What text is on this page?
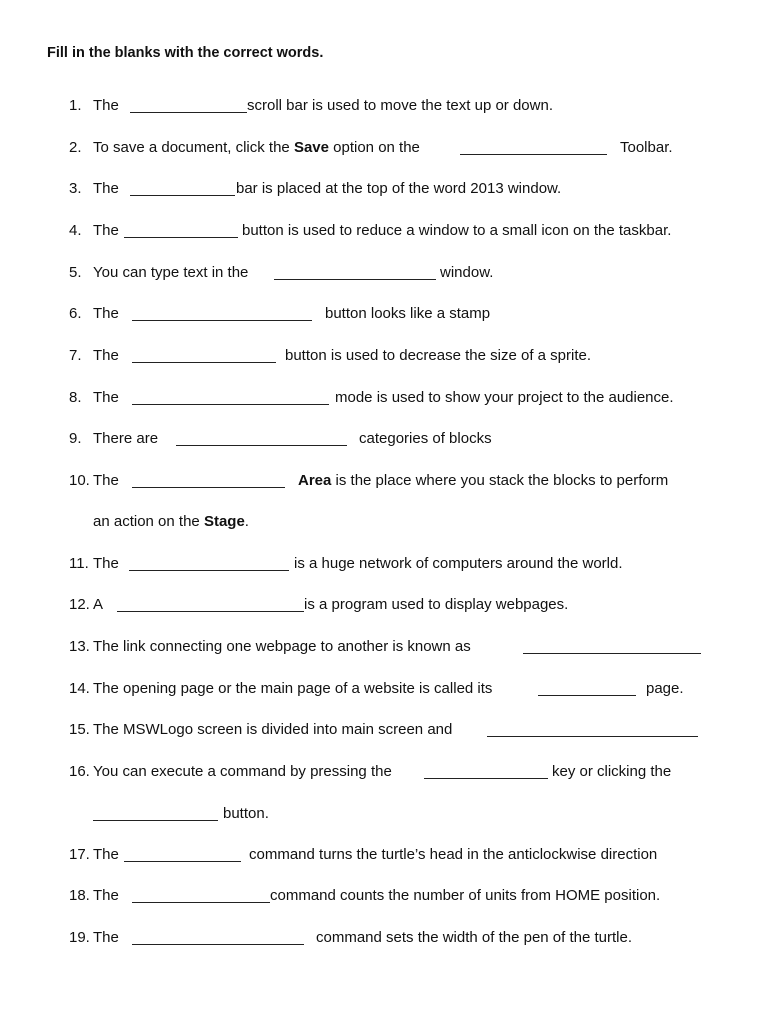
Fill in the blanks with the correct words.
1. The	scroll bar is used to move the text up or down.
2. To save a document, click the Save option on the	Toolbar.
3. The	bar is placed at the top of the word 2013 window.
4. The	button is used to reduce a window to a small icon on the taskbar.
5. You can type text in the	window.
6. The	button looks like a stamp
7. The	button is used to decrease the size of a sprite.
8. The	mode is used to show your project to the audience.
9. There are	categories of blocks
10. The	Area is the place where you stack the blocks to perform
an action on the Stage.
11. The	is a huge network of computers around the world.
12. A	is a program used to display webpages.
13. The link connecting one webpage to another is known as
14. The opening page or the main page of a website is called its	page.
15. The MSWLogo screen is divided into main screen and
16. You can execute a command by pressing the	key or clicking the
button.
17. The	command turns the turtle’s head in the anticlockwise direction
18. The	command counts the number of units from HOME position.
19. The	command sets the width of the pen of the turtle.
